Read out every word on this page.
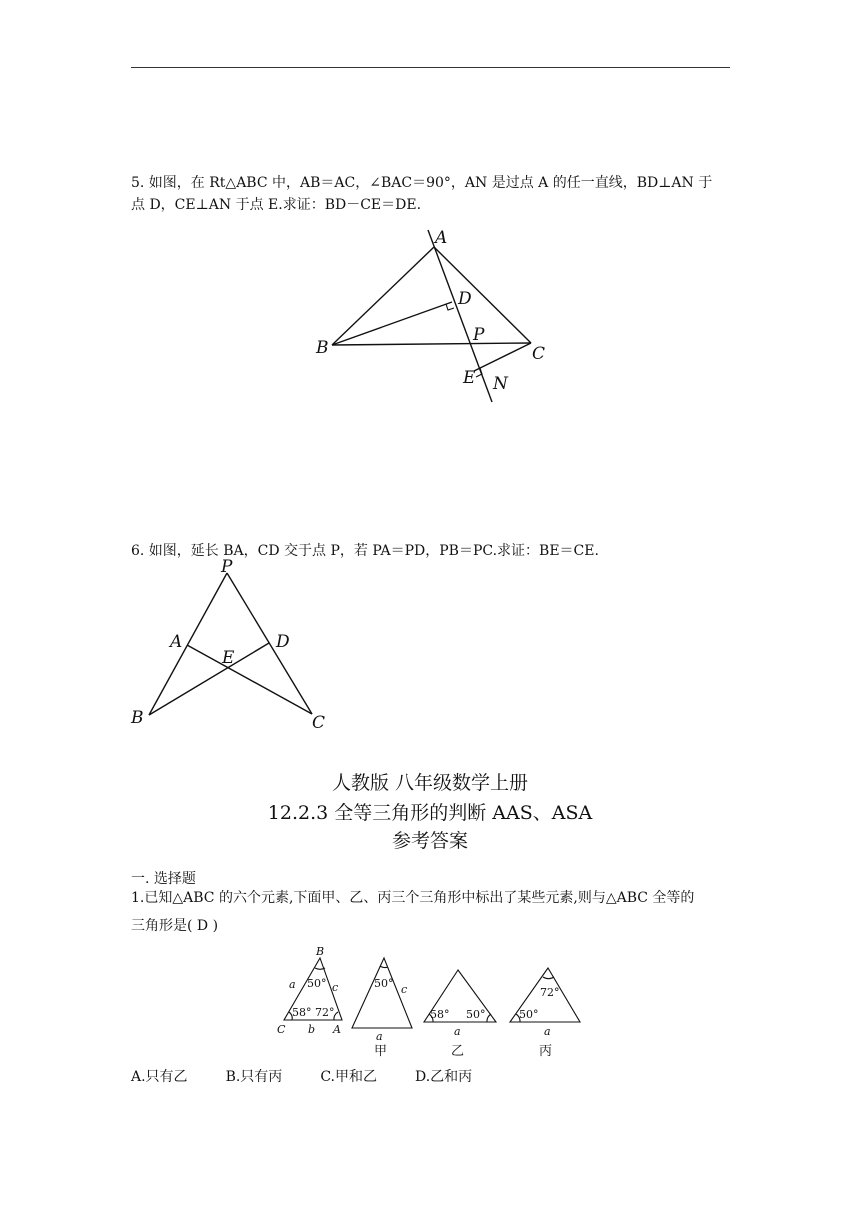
5. 如图，在 Rt△ABC 中，AB＝AC，∠BAC＝90°，AN 是过点 A 的任一直线，BD⊥AN 于
点 D，CE⊥AN 于点 E.求证：BD－CE＝DE.
A
B	C
D
P
E N
6. 如图，延长 BA，CD 交于点 P，若 PA＝PD，PB＝PC.求证：BE＝CE.
P
A	D
E
B	C
人教版 八年级数学上册
12.2.3 全等三角形的判断 AAS、ASA
参考答案
一. 选择题
1.已知△ABC 的六个元素,下面甲、乙、丙三个三角形中标出了某些元素,则与△ABC 全等的
三角形是( D )
B
C	A
a
b
c
50°
58° 72°
50° c
a
甲
58° 50°
a
乙
72°
50°
a
丙
A.只有乙	B.只有丙	C.甲和乙	D.乙和丙
